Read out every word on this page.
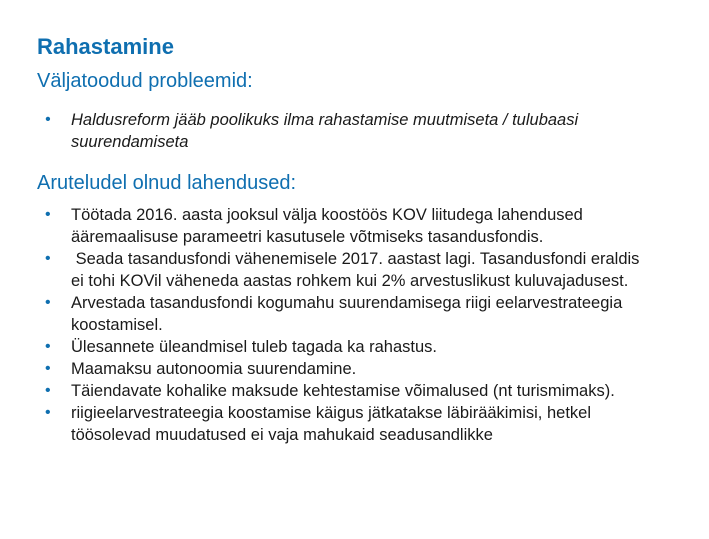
Rahastamine
Väljatoodud probleemid:
• Haldusreform jääb poolikuks ilma rahastamise muutmiseta / tulubaasi suurendamiseta
Aruteludel olnud lahendused:
• Töötada 2016. aasta jooksul välja koostöös KOV liitudega lahendused ääremaalisuse parameetri kasutusele võtmiseks tasandusfondis.
• Seada tasandusfondi vähenemisele 2017. aastast lagi. Tasandusfondi eraldis ei tohi KOVil väheneda aastas rohkem kui 2% arvestuslikust kuluvajadusest.
• Arvestada tasandusfondi kogumahu suurendamisega riigi eelarvestrateegia koostamisel.
• Ülesannete üleandmisel tuleb tagada ka rahastus.
• Maamaksu autonoomia suurendamine.
• Täiendavate kohalike maksude kehtestamise võimalused (nt turismimaks).
• riigieelarvestrateegia koostamise käigus jätkatakse läbirääkimisi, hetkel töösolevad muudatused ei vaja mahukaid seadusandlikke
